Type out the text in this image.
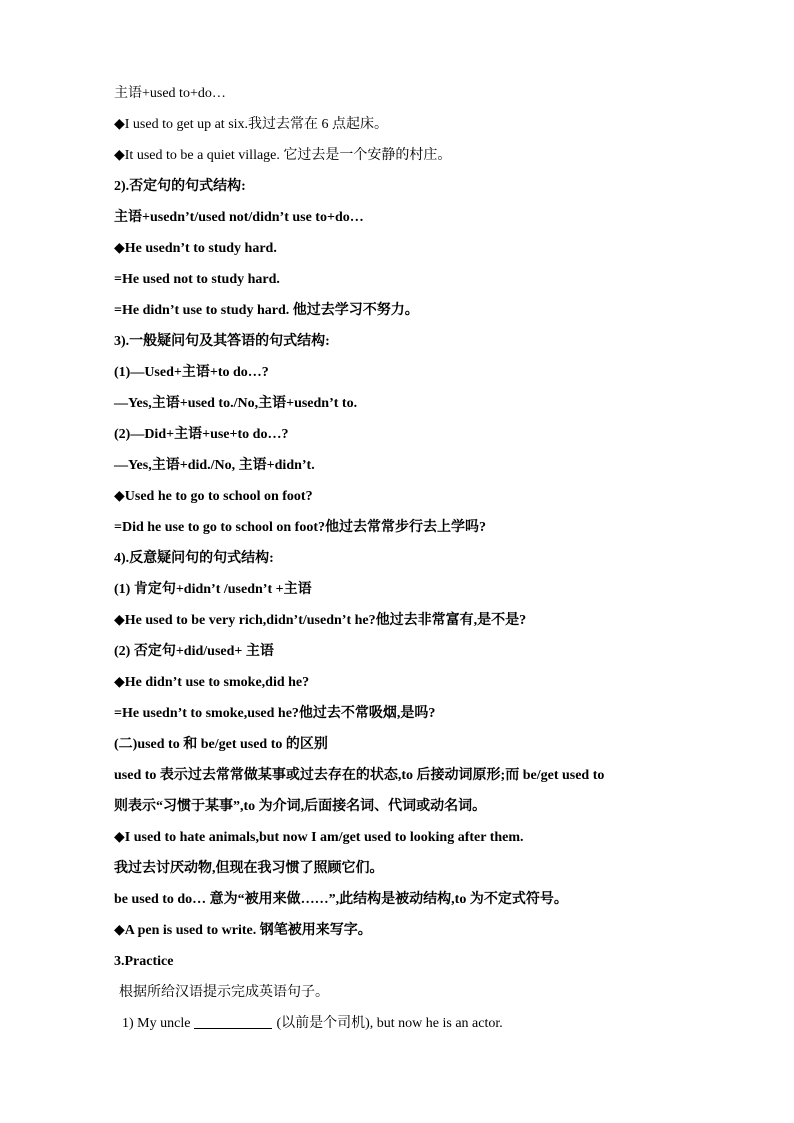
主语+used to+do…
◆I used to get up at six.我过去常在 6 点起床。
◆It used to be a quiet village. 它过去是一个安静的村庄。
2).否定句的句式结构:
主语+usedn’t/used not/didn’t use to+do…
◆He usedn’t to study hard.
=He used not to study hard.
=He didn’t use to study hard. 他过去学习不努力。
3).一般疑问句及其答语的句式结构:
(1)—Used+主语+to do…?
—Yes,主语+used to./No,主语+usedn’t to.
(2)—Did+主语+use+to do…?
—Yes,主语+did./No, 主语+didn’t.
◆Used he to go to school on foot?
=Did he use to go to school on foot?他过去常常步行去上学吗?
4).反意疑问句的句式结构:
(1) 肯定句+didn’t /usedn’t +主语
◆He used to be very rich,didn’t/usedn’t he?他过去非常富有,是不是?
(2) 否定句+did/used+ 主语
◆He didn’t use to smoke,did he?
=He usedn’t to smoke,used he?他过去不常吸烟,是吗?
(二)used to 和 be/get used to 的区别
used to 表示过去常常做某事或过去存在的状态,to 后接动词原形;而 be/get used to
则表示“习惯于某事”,to 为介词,后面接名词、代词或动名词。
◆I used to hate animals,but now I am/get used to looking after them.
我过去讨厌动物,但现在我习惯了照顾它们。
be used to do… 意为“被用来做……”,此结构是被动结构,to 为不定式符号。
◆A pen is used to write. 钢笔被用来写字。
3.Practice
根据所给汉语提示完成英语句子。
1) My uncle	(以前是个司机), but now he is an actor.
